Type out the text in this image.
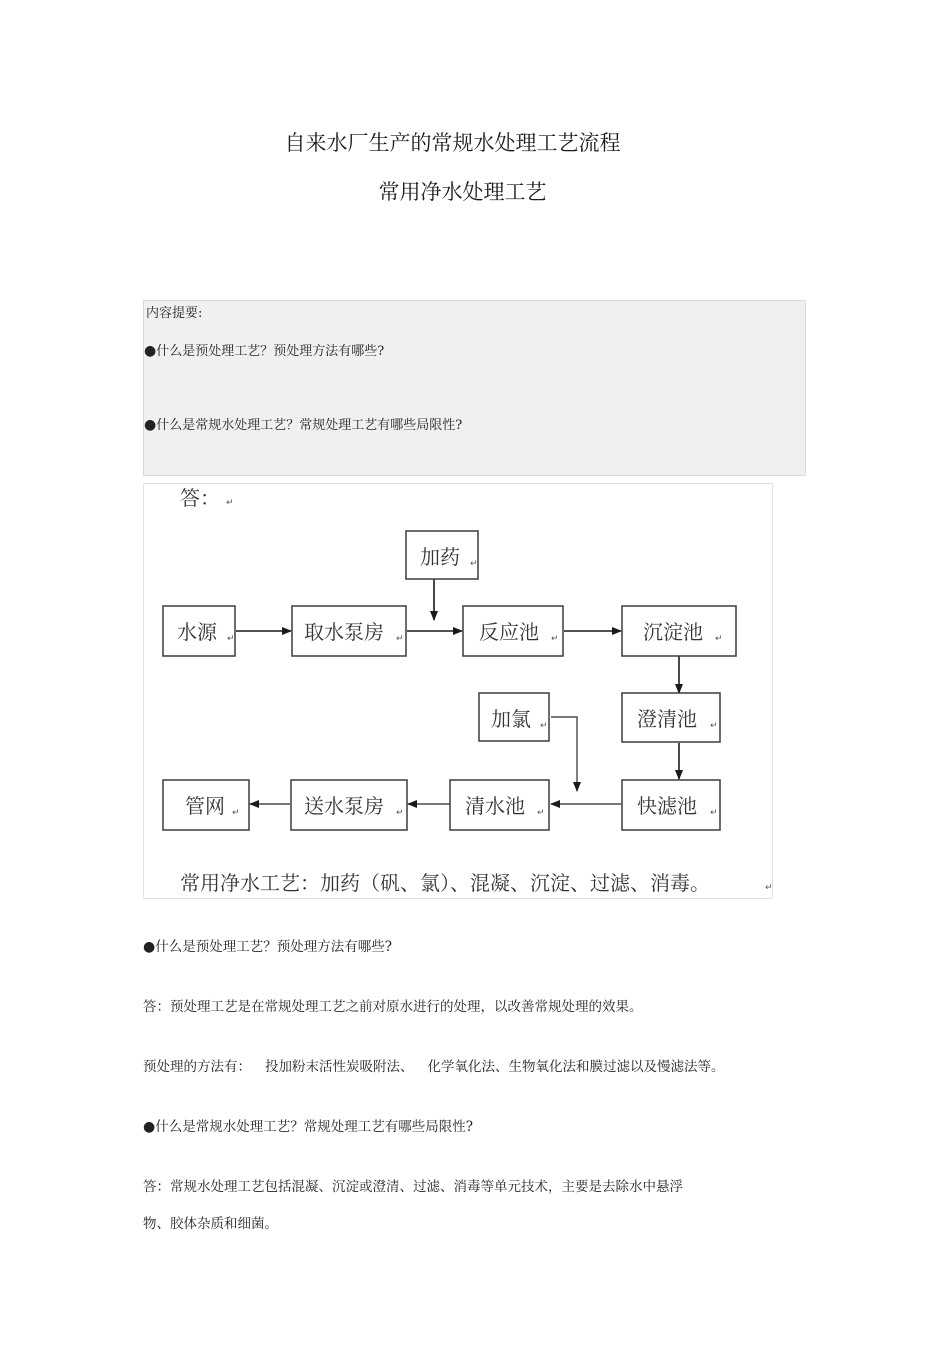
自来水厂生产的常规水处理工艺流程
常用净水处理工艺
内容提要:
●什么是预处理工艺？预处理方法有哪些?
●什么是常规水处理工艺？常规处理工艺有哪些局限性?
答： ↵
加药 ↵
水源 ↵	取水泵房 ↵	反应池 ↵	沉淀池 ↵
加氯 ↵	澄清池 ↵
管网 ↵	送水泵房 ↵	清水池 ↵	快滤池 ↵
常用净水工艺：加药（矾、氯）、混凝、沉淀、过滤、消毒。	↵
●什么是预处理工艺？预处理方法有哪些?
答：预处理工艺是在常规处理工艺之前对原水进行的处理，以改善常规处理的效果。
预处理的方法有： 投加粉末活性炭吸附法、 化学氧化法、生物氧化法和膜过滤以及慢滤法等。
●什么是常规水处理工艺？常规处理工艺有哪些局限性?
答：常规水处理工艺包括混凝、沉淀或澄清、过滤、消毒等单元技术，主要是去除水中悬浮
物、胶体杂质和细菌。
